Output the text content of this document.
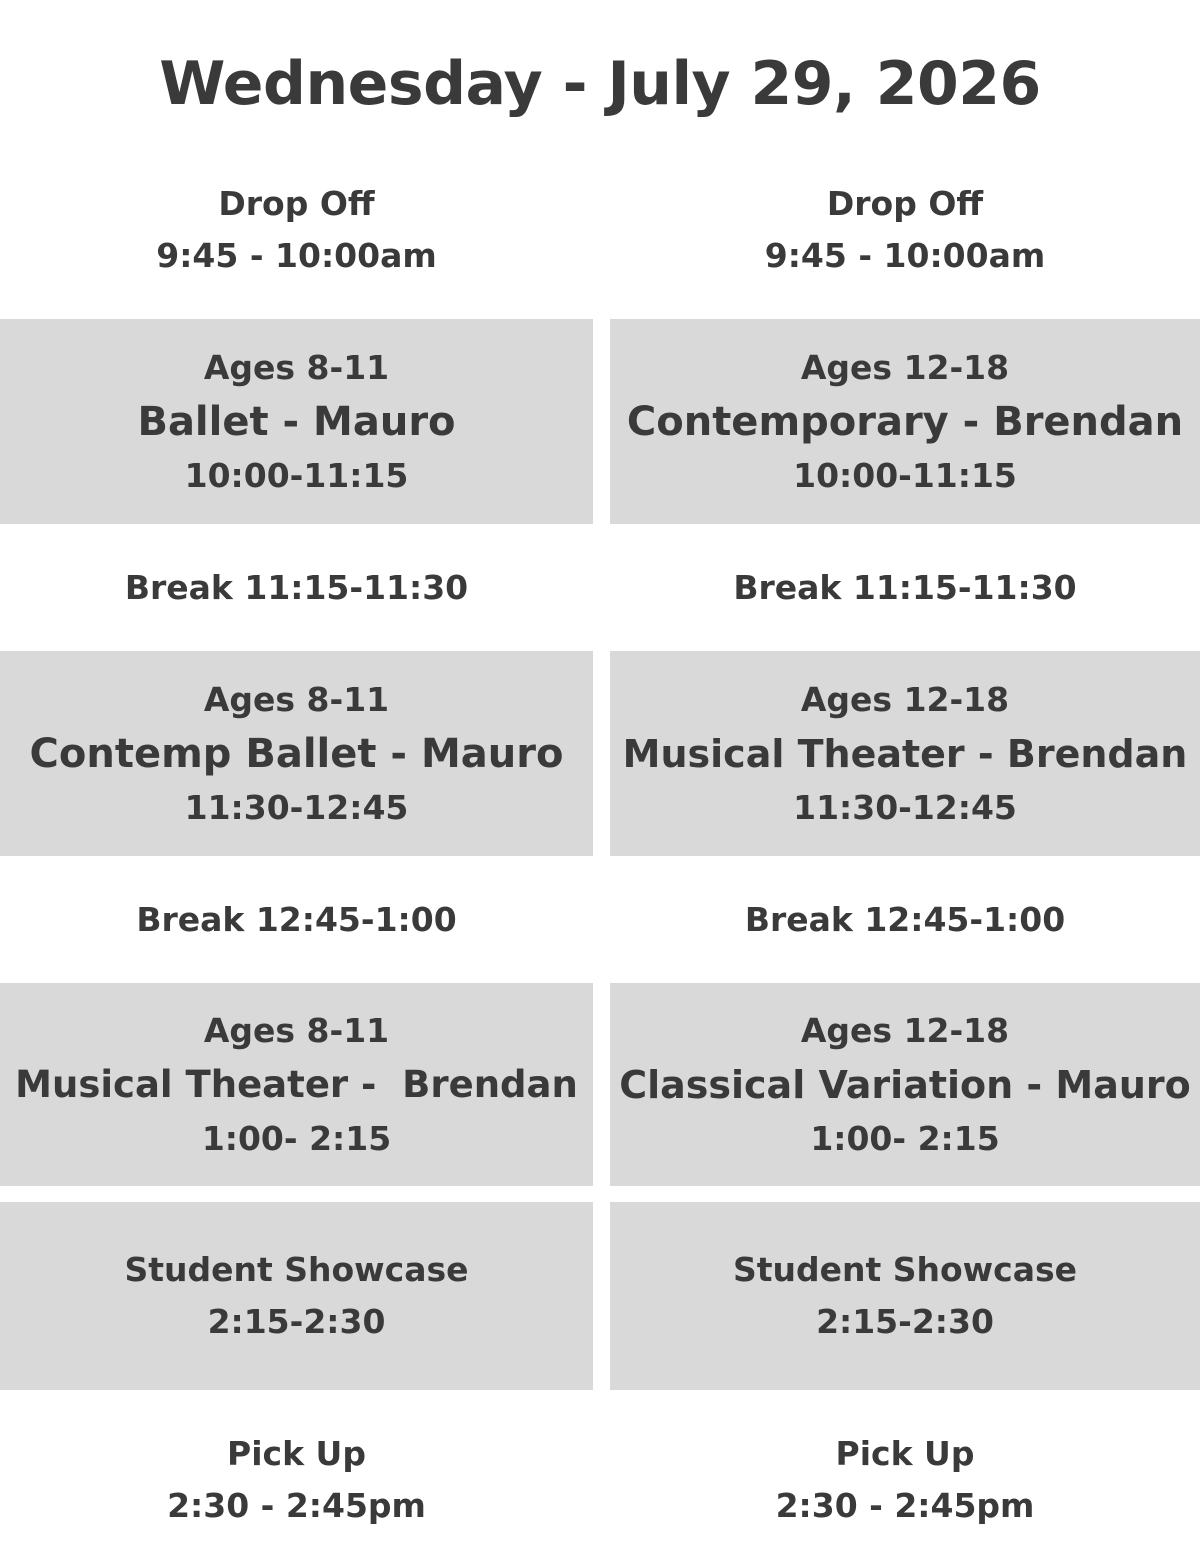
Wednesday - July 29, 2026
Drop Off
9:45 - 10:00am
Ages 8-11
Ballet - Mauro
10:00-11:15
Break 11:15-11:30
Ages 8-11
Contemp Ballet - Mauro
11:30-12:45
Break 12:45-1:00
Ages 8-11
Musical Theater -  Brendan
1:00- 2:15
Student Showcase
2:15-2:30
Pick Up
2:30 - 2:45pm
Drop Off
9:45 - 10:00am
Ages 12-18
Contemporary - Brendan
10:00-11:15
Break 11:15-11:30
Ages 12-18
Musical Theater - Brendan
11:30-12:45
Break 12:45-1:00
Ages 12-18
Classical Variation - Mauro
1:00- 2:15
Student Showcase
2:15-2:30
Pick Up
2:30 - 2:45pm
